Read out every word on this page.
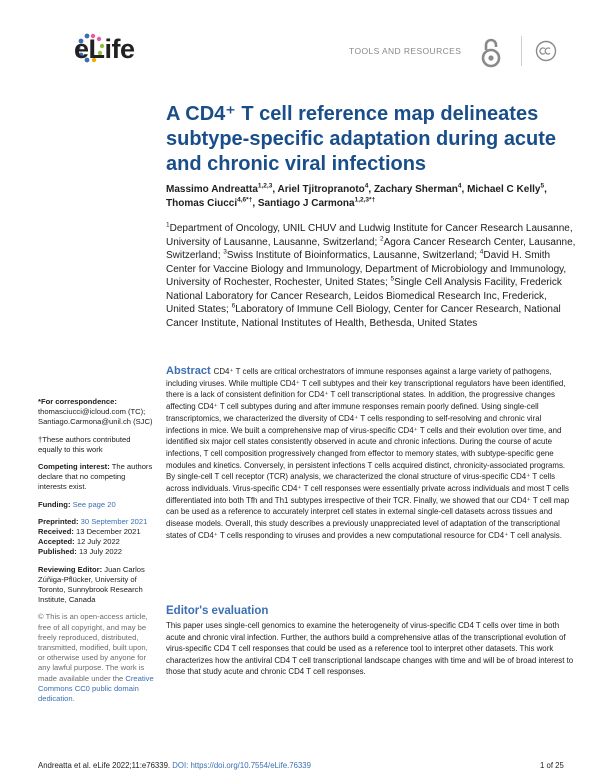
eLife	TOOLS AND RESOURCES
A CD4⁺ T cell reference map delineates subtype-specific adaptation during acute and chronic viral infections
Massimo Andreatta$^{1,2,3}$, Ariel Tjitropranoto$^4$, Zachary Sherman$^4$, Michael C Kelly$^5$, Thomas Ciucci$^{4,6*\dagger}$, Santiago J Carmona$^{1,2,3*\dagger}$
$^1$Department of Oncology, UNIL CHUV and Ludwig Institute for Cancer Research Lausanne, University of Lausanne, Lausanne, Switzerland; $^2$Agora Cancer Research Center, Lausanne, Switzerland; $^3$Swiss Institute of Bioinformatics, Lausanne, Switzerland; $^4$David H. Smith Center for Vaccine Biology and Immunology, Department of Microbiology and Immunology, University of Rochester, Rochester, United States; $^5$Single Cell Analysis Facility, Frederick National Laboratory for Cancer Research, Leidos Biomedical Research Inc, Frederick, United States; $^6$Laboratory of Immune Cell Biology, Center for Cancer Research, National Cancer Institute, National Institutes of Health, Bethesda, United States
Abstract CD4⁺ T cells are critical orchestrators of immune responses against a large variety of pathogens, including viruses. While multiple CD4⁺ T cell subtypes and their key transcriptional regulators have been identified, there is a lack of consistent definition for CD4⁺ T cell transcriptional states. In addition, the progressive changes affecting CD4⁺ T cell subtypes during and after immune responses remain poorly defined. Using single-cell transcriptomics, we characterized the diversity of CD4⁺ T cells responding to self-resolving and chronic viral infections in mice. We built a comprehensive map of virus-specific CD4⁺ T cells and their evolution over time, and identified six major cell states consistently observed in acute and chronic infections. During the course of acute infections, T cell composition progressively changed from effector to memory states, with subtype-specific gene modules and kinetics. Conversely, in persistent infections T cells acquired distinct, chronicity-associated programs. By single-cell T cell receptor (TCR) analysis, we characterized the clonal structure of virus-specific CD4⁺ T cells across individuals. Virus-specific CD4⁺ T cell responses were essentially private across individuals and most T cells differentiated into both Tfh and Th1 subtypes irrespective of their TCR. Finally, we showed that our CD4⁺ T cell map can be used as a reference to accurately interpret cell states in external single-cell datasets across tissues and disease models. Overall, this study describes a previously unappreciated level of adaptation of the transcriptional states of CD4⁺ T cells responding to viruses and provides a new computational resource for CD4⁺ T cell analysis.
*For correspondence:
thomasciucci@icloud.com (TC); Santiago.Carmona@unil.ch (SJC)
†These authors contributed equally to this work
Competing interest: The authors declare that no competing interests exist.
Funding: See page 20
Preprinted: 30 September 2021
Received: 13 December 2021
Accepted: 12 July 2022
Published: 13 July 2022
Reviewing Editor: Juan Carlos Zúñiga-Pflücker, University of Toronto, Sunnybrook Research Institute, Canada
© This is an open-access article, free of all copyright, and may be freely reproduced, distributed, transmitted, modified, built upon, or otherwise used by anyone for any lawful purpose. The work is made available under the Creative Commons CC0 public domain dedication.
Editor's evaluation
This paper uses single-cell genomics to examine the heterogeneity of virus-specific CD4 T cells over time in both acute and chronic viral infection. Further, the authors build a comprehensive atlas of the transcriptional evolution of virus-specific CD4 T cell responses that could be used as a reference tool to interpret other datasets. This work characterizes how the antiviral CD4 T cell transcriptional landscape changes with time and will be of broad interest to those that study acute and chronic CD4 T cell responses.
Andreatta et al. eLife 2022;11:e76339. DOI: https://doi.org/10.7554/eLife.76339	1 of 25
